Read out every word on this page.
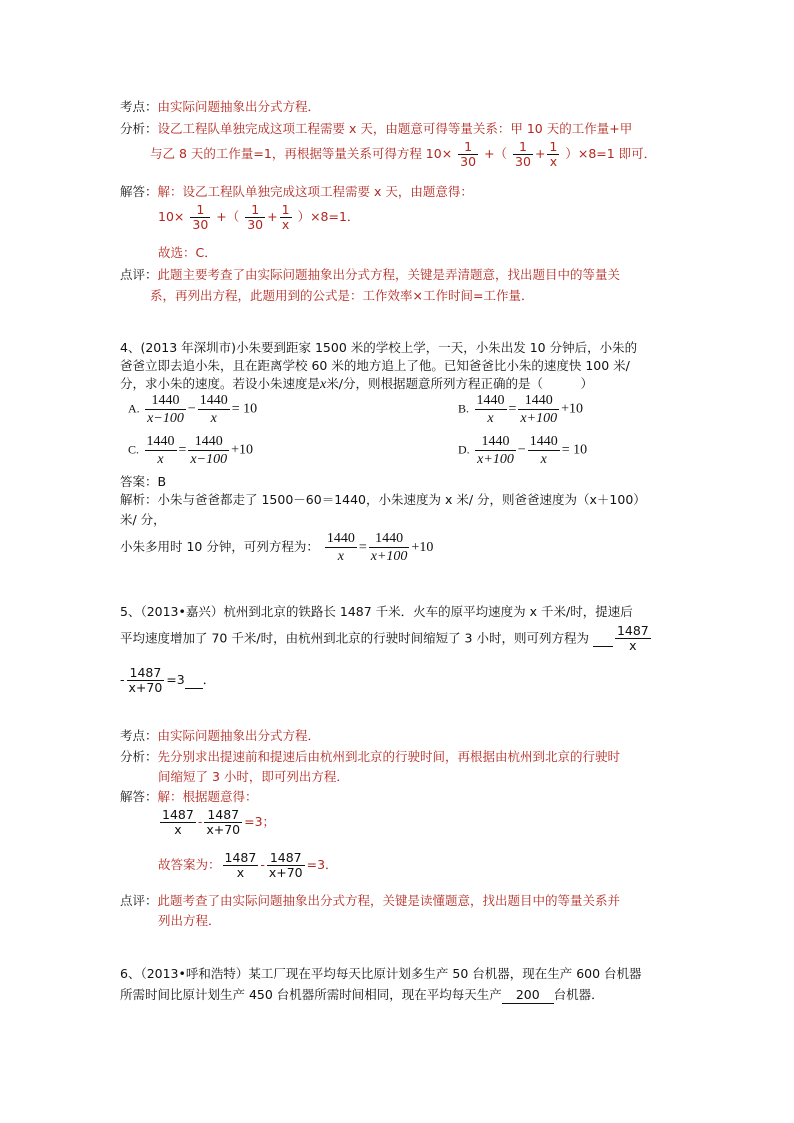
考点：由实际问题抽象出分式方程．
分析：设乙工程队单独完成这项工程需要 x 天，由题意可得等量关系：甲 10 天的工作量+甲
与乙 8 天的工作量=1，再根据等量关系可得方程 $10\times \frac{1}{30}$ +（ $\frac{1}{30} + \frac{1}{x} )\times 8=1$ 即可．
解答：解：设乙工程队单独完成这项工程需要 x 天，由题意得：
$10\times \frac{1}{30}$ +（ $\frac{1}{30} + \frac{1}{x} )\times 8=1$．
故选：C．
点评：此题主要考查了由实际问题抽象出分式方程，关键是弄清题意，找出题目中的等量关
系，再列出方程，此题用到的公式是：工作效率×工作时间=工作量．
4、(2013 年深圳市)小朱要到距家 1500 米的学校上学，一天，小朱出发 10 分钟后，小朱的
爸爸立即去追小朱，且在距离学校 60 米的地方追上了他。已知爸爸比小朱的速度快 100 米/
分，求小朱的速度。若设小朱速度是x米/分，则根据题意所列方程正确的是（　　　）
A. $\frac{1440}{x-100} - \frac{1440}{x} = 10$	B. $\frac{1440}{x} = \frac{1440}{x+100} +10$
C. $\frac{1440}{x} = \frac{1440}{x-100} +10$	D. $\frac{1440}{x+100} - \frac{1440}{x} = 10$
答案：B
解析：小朱与爸爸都走了 1500－60＝1440，小朱速度为 x 米/ 分，则爸爸速度为（x＋100）
米/ 分，
小朱多用时 10 分钟，可列方程为： $\frac{1440}{x} = \frac{1440}{x+100} +10$
5、（2013•嘉兴）杭州到北京的铁路长 1487 千米．火车的原平均速度为 x 千米/时，提速后
平均速度增加了 70 千米/时，由杭州到北京的行驶时间缩短了 3 小时，则可列方程为 $\frac{1487}{x}$
- $\frac{1487}{x+70} =3$ ．
考点：由实际问题抽象出分式方程．
分析：先分别求出提速前和提速后由杭州到北京的行驶时间，再根据由杭州到北京的行驶时
间缩短了 3 小时，即可列出方程．
解答：解：根据题意得：
$\frac{1487}{x} - \frac{1487}{x+70} =3$；
故答案为： $\frac{1487}{x} - \frac{1487}{x+70} =3$．
点评：此题考查了由实际问题抽象出分式方程，关键是读懂题意，找出题目中的等量关系并
列出方程．
6、（2013•呼和浩特）某工厂现在平均每天比原计划多生产 50 台机器，现在生产 600 台机器
所需时间比原计划生产 450 台机器所需时间相同，现在平均每天生产 200 台机器．
